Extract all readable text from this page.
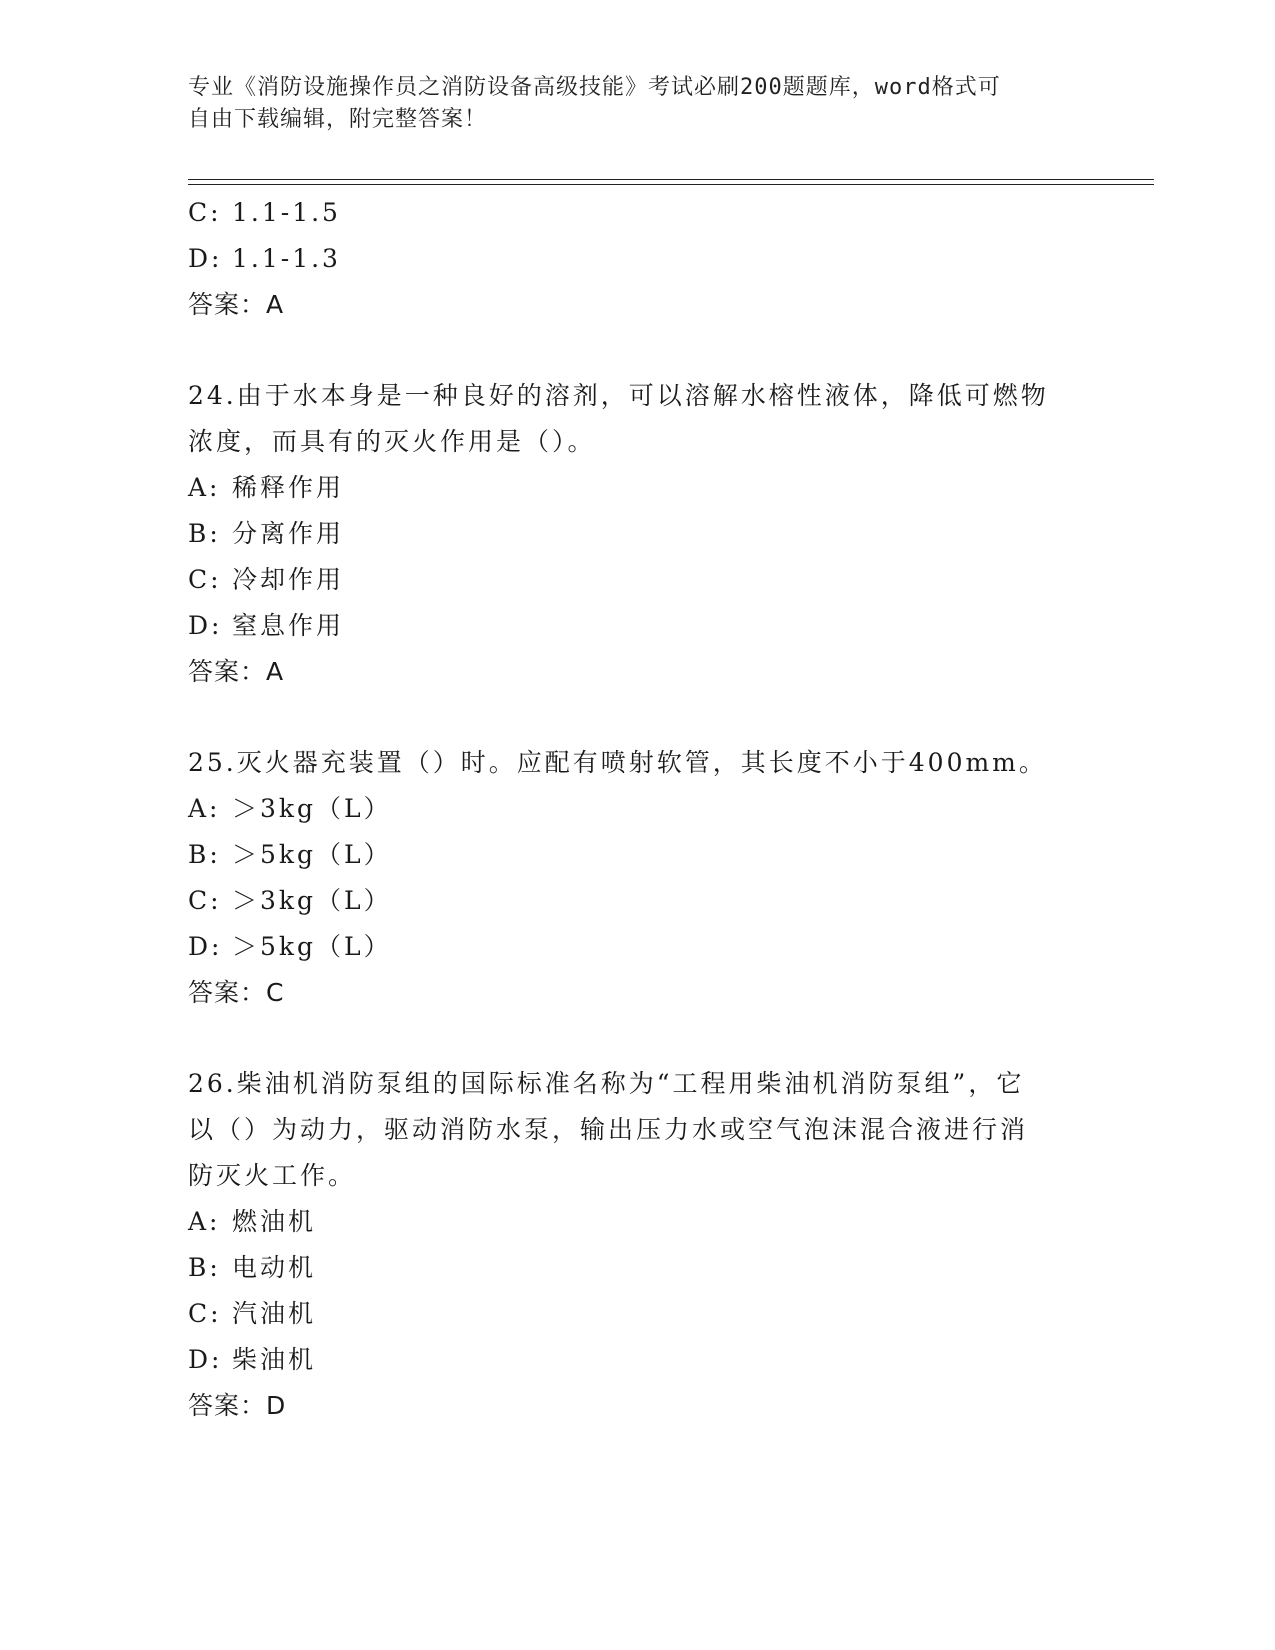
专业《消防设施操作员之消防设备高级技能》考试必刷200题题库，word格式可
自由下载编辑，附完整答案！
C: 1.1-1.5
D: 1.1-1.3
答案：A
24.由于水本身是一种良好的溶剂，可以溶解水榕性液体，降低可燃物
浓度，而具有的灭火作用是（）。
A: 稀释作用
B: 分离作用
C: 冷却作用
D: 窒息作用
答案：A
25.灭火器充装置（）时。应配有喷射软管，其长度不小于400mm。
A: ＞3kg（L）
B: ＞5kg（L）
C: ＞3kg（L）
D: ＞5kg（L）
答案：C
26.柴油机消防泵组的国际标准名称为“工程用柴油机消防泵组”，它
以（）为动力，驱动消防水泵，输出压力水或空气泡沫混合液进行消
防灭火工作。
A: 燃油机
B: 电动机
C: 汽油机
D: 柴油机
答案：D
